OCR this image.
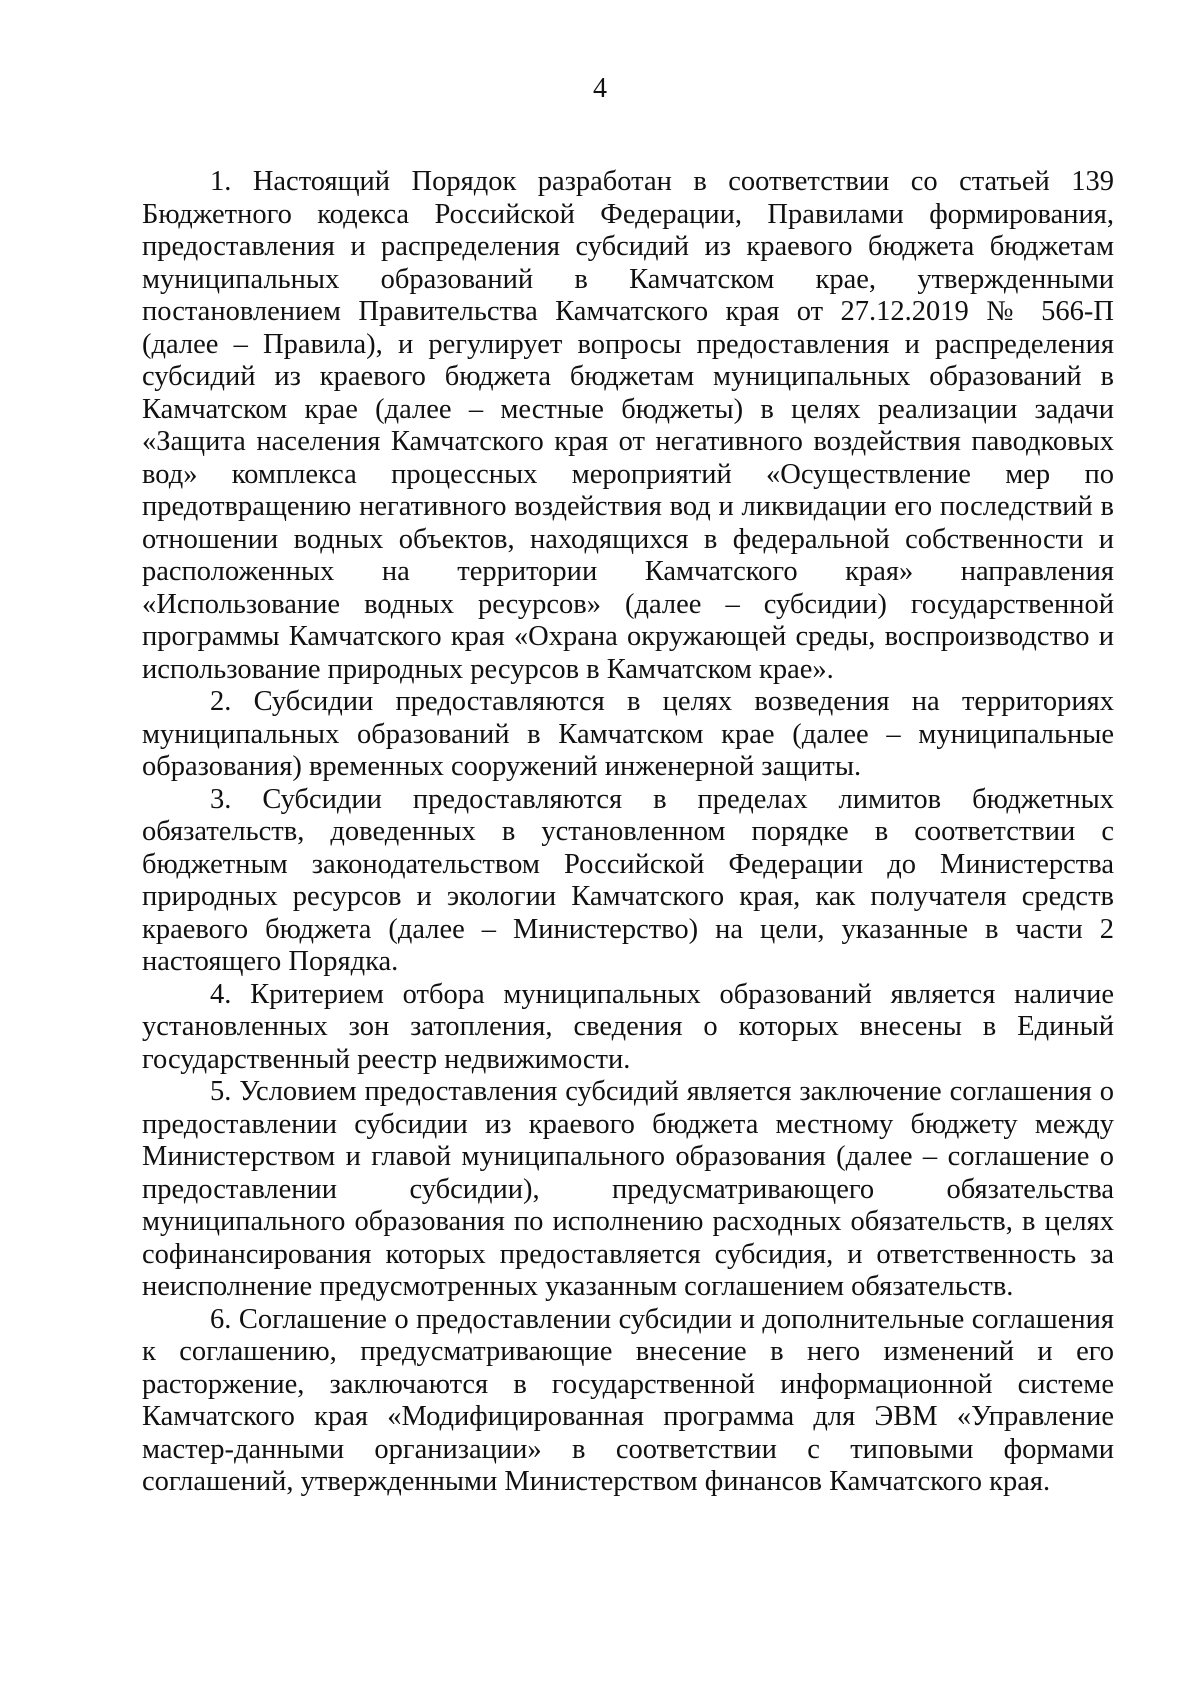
4

1. Настоящий Порядок разработан в соответствии со статьей 139 Бюджетного кодекса Российской Федерации, Правилами формирования, предоставления и распределения субсидий из краевого бюджета бюджетам муниципальных образований в Камчатском крае, утвержденными постановлением Правительства Камчатского края от 27.12.2019 № 566-П (далее – Правила), и регулирует вопросы предоставления и распределения субсидий из краевого бюджета бюджетам муниципальных образований в Камчатском крае (далее – местные бюджеты) в целях реализации задачи «Защита населения Камчатского края от негативного воздействия паводковых вод» комплекса процессных мероприятий «Осуществление мер по предотвращению негативного воздействия вод и ликвидации его последствий в отношении водных объектов, находящихся в федеральной собственности и расположенных на территории Камчатского края» направления «Использование водных ресурсов» (далее – субсидии) государственной программы Камчатского края «Охрана окружающей среды, воспроизводство и использование природных ресурсов в Камчатском крае».

2. Субсидии предоставляются в целях возведения на территориях муниципальных образований в Камчатском крае (далее – муниципальные образования) временных сооружений инженерной защиты.

3. Субсидии предоставляются в пределах лимитов бюджетных обязательств, доведенных в установленном порядке в соответствии с бюджетным законодательством Российской Федерации до Министерства природных ресурсов и экологии Камчатского края, как получателя средств краевого бюджета (далее – Министерство) на цели, указанные в части 2 настоящего Порядка.

4. Критерием отбора муниципальных образований является наличие установленных зон затопления, сведения о которых внесены в Единый государственный реестр недвижимости.

5. Условием предоставления субсидий является заключение соглашения о предоставлении субсидии из краевого бюджета местному бюджету между Министерством и главой муниципального образования (далее – соглашение о предоставлении субсидии), предусматривающего обязательства муниципального образования по исполнению расходных обязательств, в целях софинансирования которых предоставляется субсидия, и ответственность за неисполнение предусмотренных указанным соглашением обязательств.

6. Соглашение о предоставлении субсидии и дополнительные соглашения к соглашению, предусматривающие внесение в него изменений и его расторжение, заключаются в государственной информационной системе Камчатского края «Модифицированная программа для ЭВМ «Управление мастер-данными организации» в соответствии с типовыми формами соглашений, утвержденными Министерством финансов Камчатского края.
